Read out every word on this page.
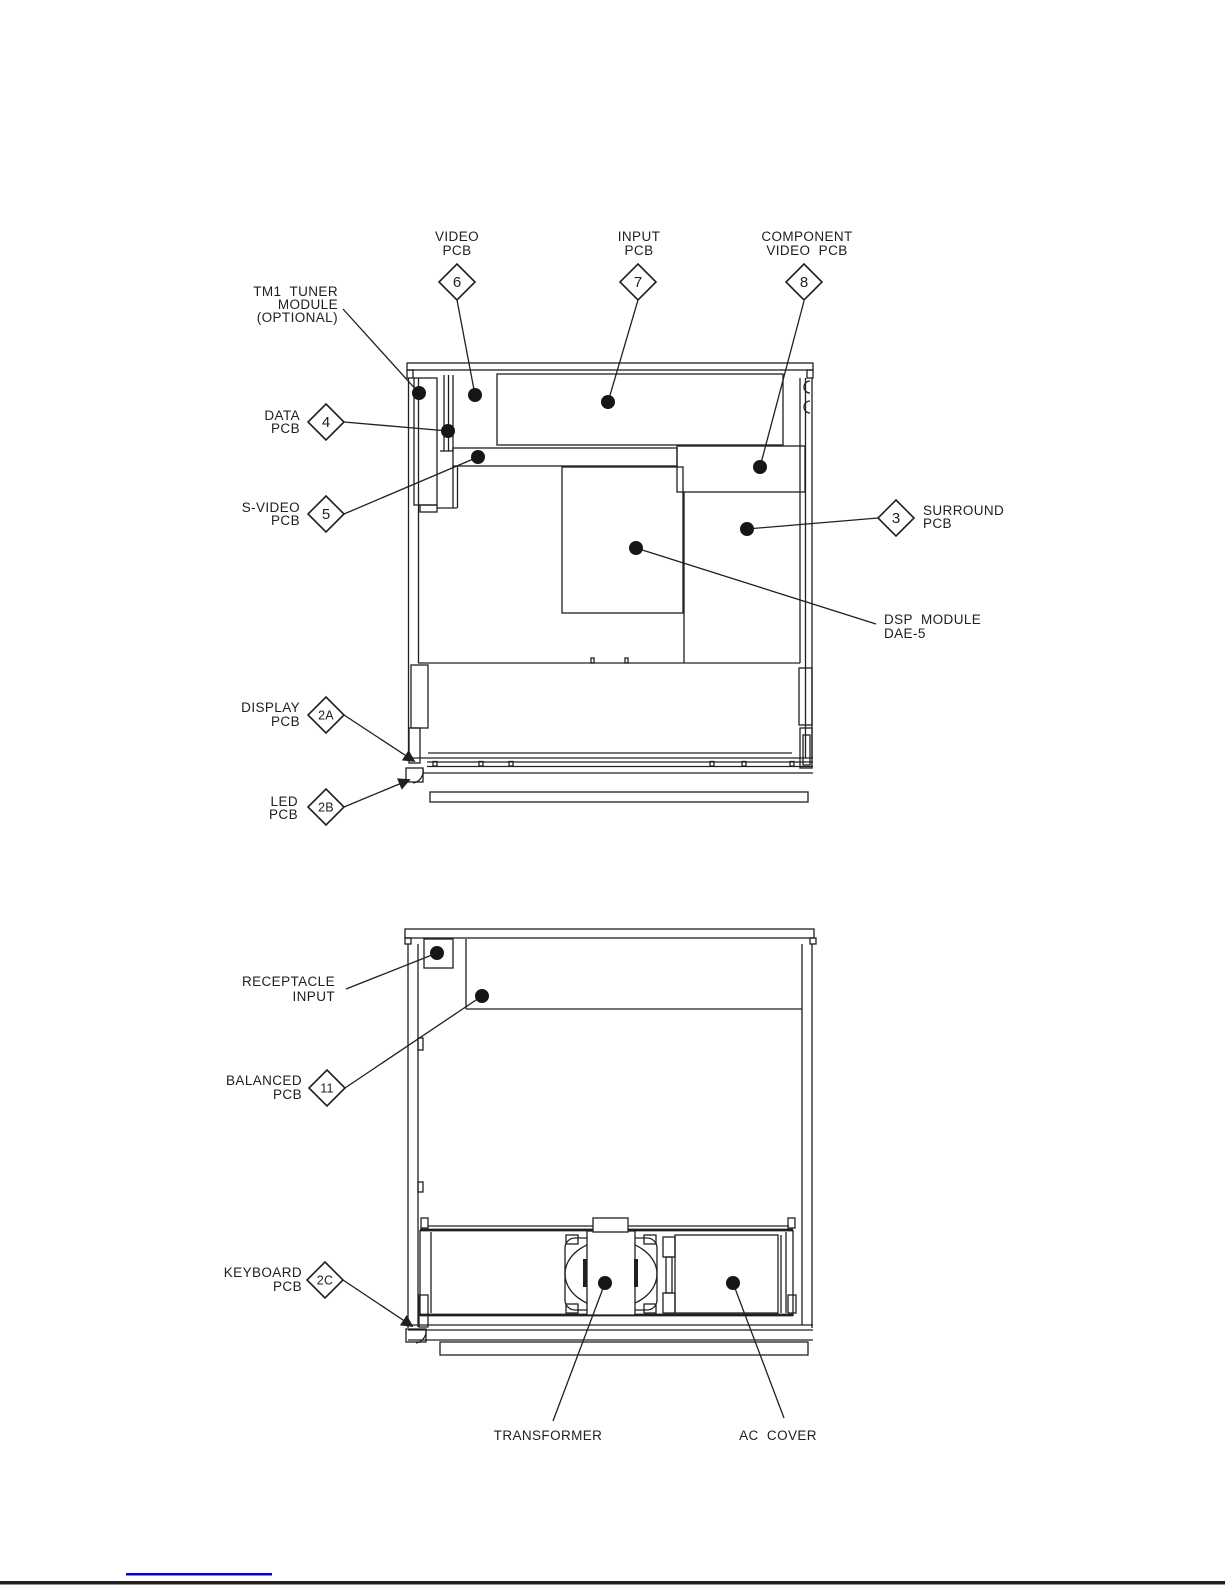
6	7	8
4
5	3
2A
2B
VIDEO
PCB
INPUT
PCB
COMPONENT
VIDEO  PCB
TM1  TUNER
MODULE
(OPTIONAL)
DATA
PCB
S-VIDEO
PCB
SURROUND
PCB
DSP  MODULE
DAE-5
DISPLAY
PCB
LED
PCB
11
2C
RECEPTACLE
INPUT
BALANCED
PCB
KEYBOARD
PCB
TRANSFORMER	AC  COVER
